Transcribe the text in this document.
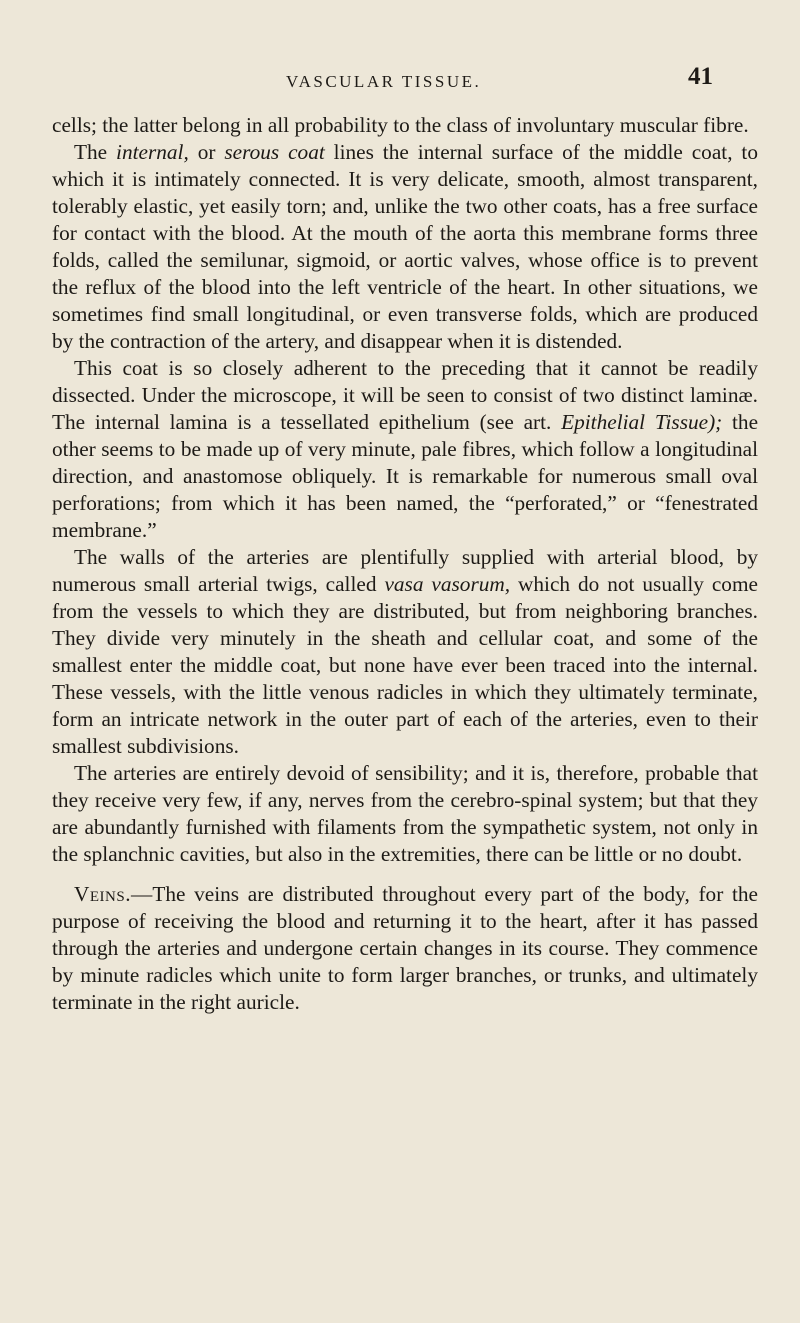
VASCULAR TISSUE.	41

cells; the latter belong in all probability to the class of involuntary muscular fibre.

The internal, or serous coat lines the internal surface of the middle coat, to which it is intimately connected. It is very delicate, smooth, almost transparent, tolerably elastic, yet easily torn; and, unlike the two other coats, has a free surface for contact with the blood. At the mouth of the aorta this membrane forms three folds, called the semilunar, sigmoid, or aortic valves, whose office is to prevent the reflux of the blood into the left ventricle of the heart. In other situations, we sometimes find small longitudinal, or even transverse folds, which are produced by the contraction of the artery, and disappear when it is distended.

This coat is so closely adherent to the preceding that it cannot be readily dissected. Under the microscope, it will be seen to consist of two distinct laminæ. The internal lamina is a tessellated epithelium (see art. Epithelial Tissue); the other seems to be made up of very minute, pale fibres, which follow a longitudinal direction, and anastomose obliquely. It is remarkable for numerous small oval perforations; from which it has been named, the “perforated,” or “fenestrated membrane.”

The walls of the arteries are plentifully supplied with arterial blood, by numerous small arterial twigs, called vasa vasorum, which do not usually come from the vessels to which they are distributed, but from neighboring branches. They divide very minutely in the sheath and cellular coat, and some of the smallest enter the middle coat, but none have ever been traced into the internal. These vessels, with the little venous radicles in which they ultimately terminate, form an intricate network in the outer part of each of the arteries, even to their smallest subdivisions.

The arteries are entirely devoid of sensibility; and it is, therefore, probable that they receive very few, if any, nerves from the cerebro-spinal system; but that they are abundantly furnished with filaments from the sympathetic system, not only in the splanchnic cavities, but also in the extremities, there can be little or no doubt.

Veins.—The veins are distributed throughout every part of the body, for the purpose of receiving the blood and returning it to the heart, after it has passed through the arteries and undergone certain changes in its course. They commence by minute radicles which unite to form larger branches, or trunks, and ultimately terminate in the right auricle.
